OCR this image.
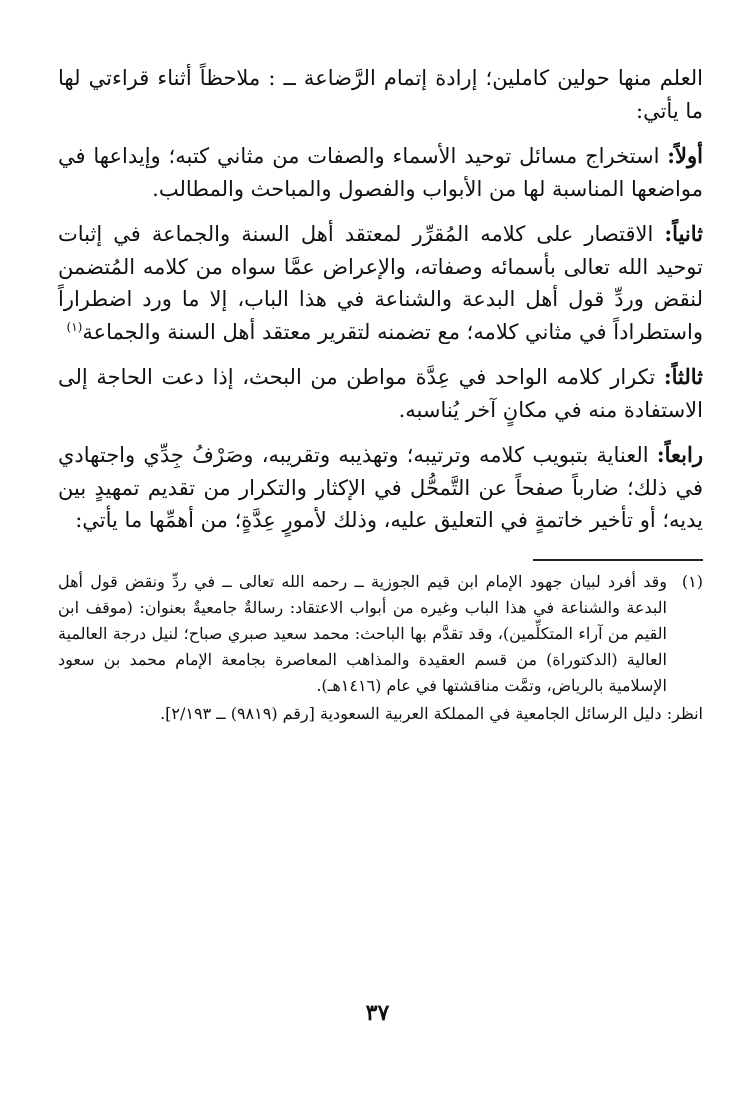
العلم منها حولين كاملين؛ إرادة إتمام الرَّضاعة ــ : ملاحظاً أثناء قراءتي لها ما يأتي:

أولاً: استخراج مسائل توحيد الأسماء والصفات من مثاني كتبه؛ وإيداعها في مواضعها المناسبة لها من الأبواب والفصول والمباحث والمطالب.

ثانياً: الاقتصار على كلامه المُقرِّر لمعتقد أهل السنة والجماعة في إثبات توحيد الله تعالى بأسمائه وصفاته، والإعراض عمَّا سواه من كلامه المُتضمن لنقض وردِّ قول أهل البدعة والشناعة في هذا الباب، إلا ما ورد اضطراراً واستطراداً في مثاني كلامه؛ مع تضمنه لتقرير معتقد أهل السنة والجماعة$^{(١)}$

ثالثاً: تكرار كلامه الواحد في عِدَّة مواطن من البحث، إذا دعت الحاجة إلى الاستفادة منه في مكانٍ آخر يُناسبه.

رابعاً: العناية بتبويب كلامه وترتيبه؛ وتهذيبه وتقريبه، وصَرْفُ جِدِّي واجتهادي في ذلك؛ ضارباً صفحاً عن التَّمحُّل في الإكثار والتكرار من تقديم تمهيدٍ بين يديه؛ أو تأخير خاتمةٍ في التعليق عليه، وذلك لأمورٍ عِدَّةٍ؛ من أهمِّها ما يأتي:

(١)
وقد أفرد لبيان جهود الإمام ابن قيم الجوزية ــ رحمه الله تعالى ــ في ردِّ ونقض قول أهل البدعة والشناعة في هذا الباب وغيره من أبواب الاعتقاد: رسالةٌ جامعيةٌ بعنوان: (موقف ابن القيم من آراء المتكلِّمين)، وقد تقدَّم بها الباحث: محمد سعيد صبري صباح؛ لنيل درجة العالمية العالية (الدكتوراة) من قسم العقيدة والمذاهب المعاصرة بجامعة الإمام محمد بن سعود الإسلامية بالرياض، وتمَّت مناقشتها في عام (١٤١٦هـ).
انظر: دليل الرسائل الجامعية في المملكة العربية السعودية [رقم (٩٨١٩) ــ ٢/١٩٣].
٣٧
